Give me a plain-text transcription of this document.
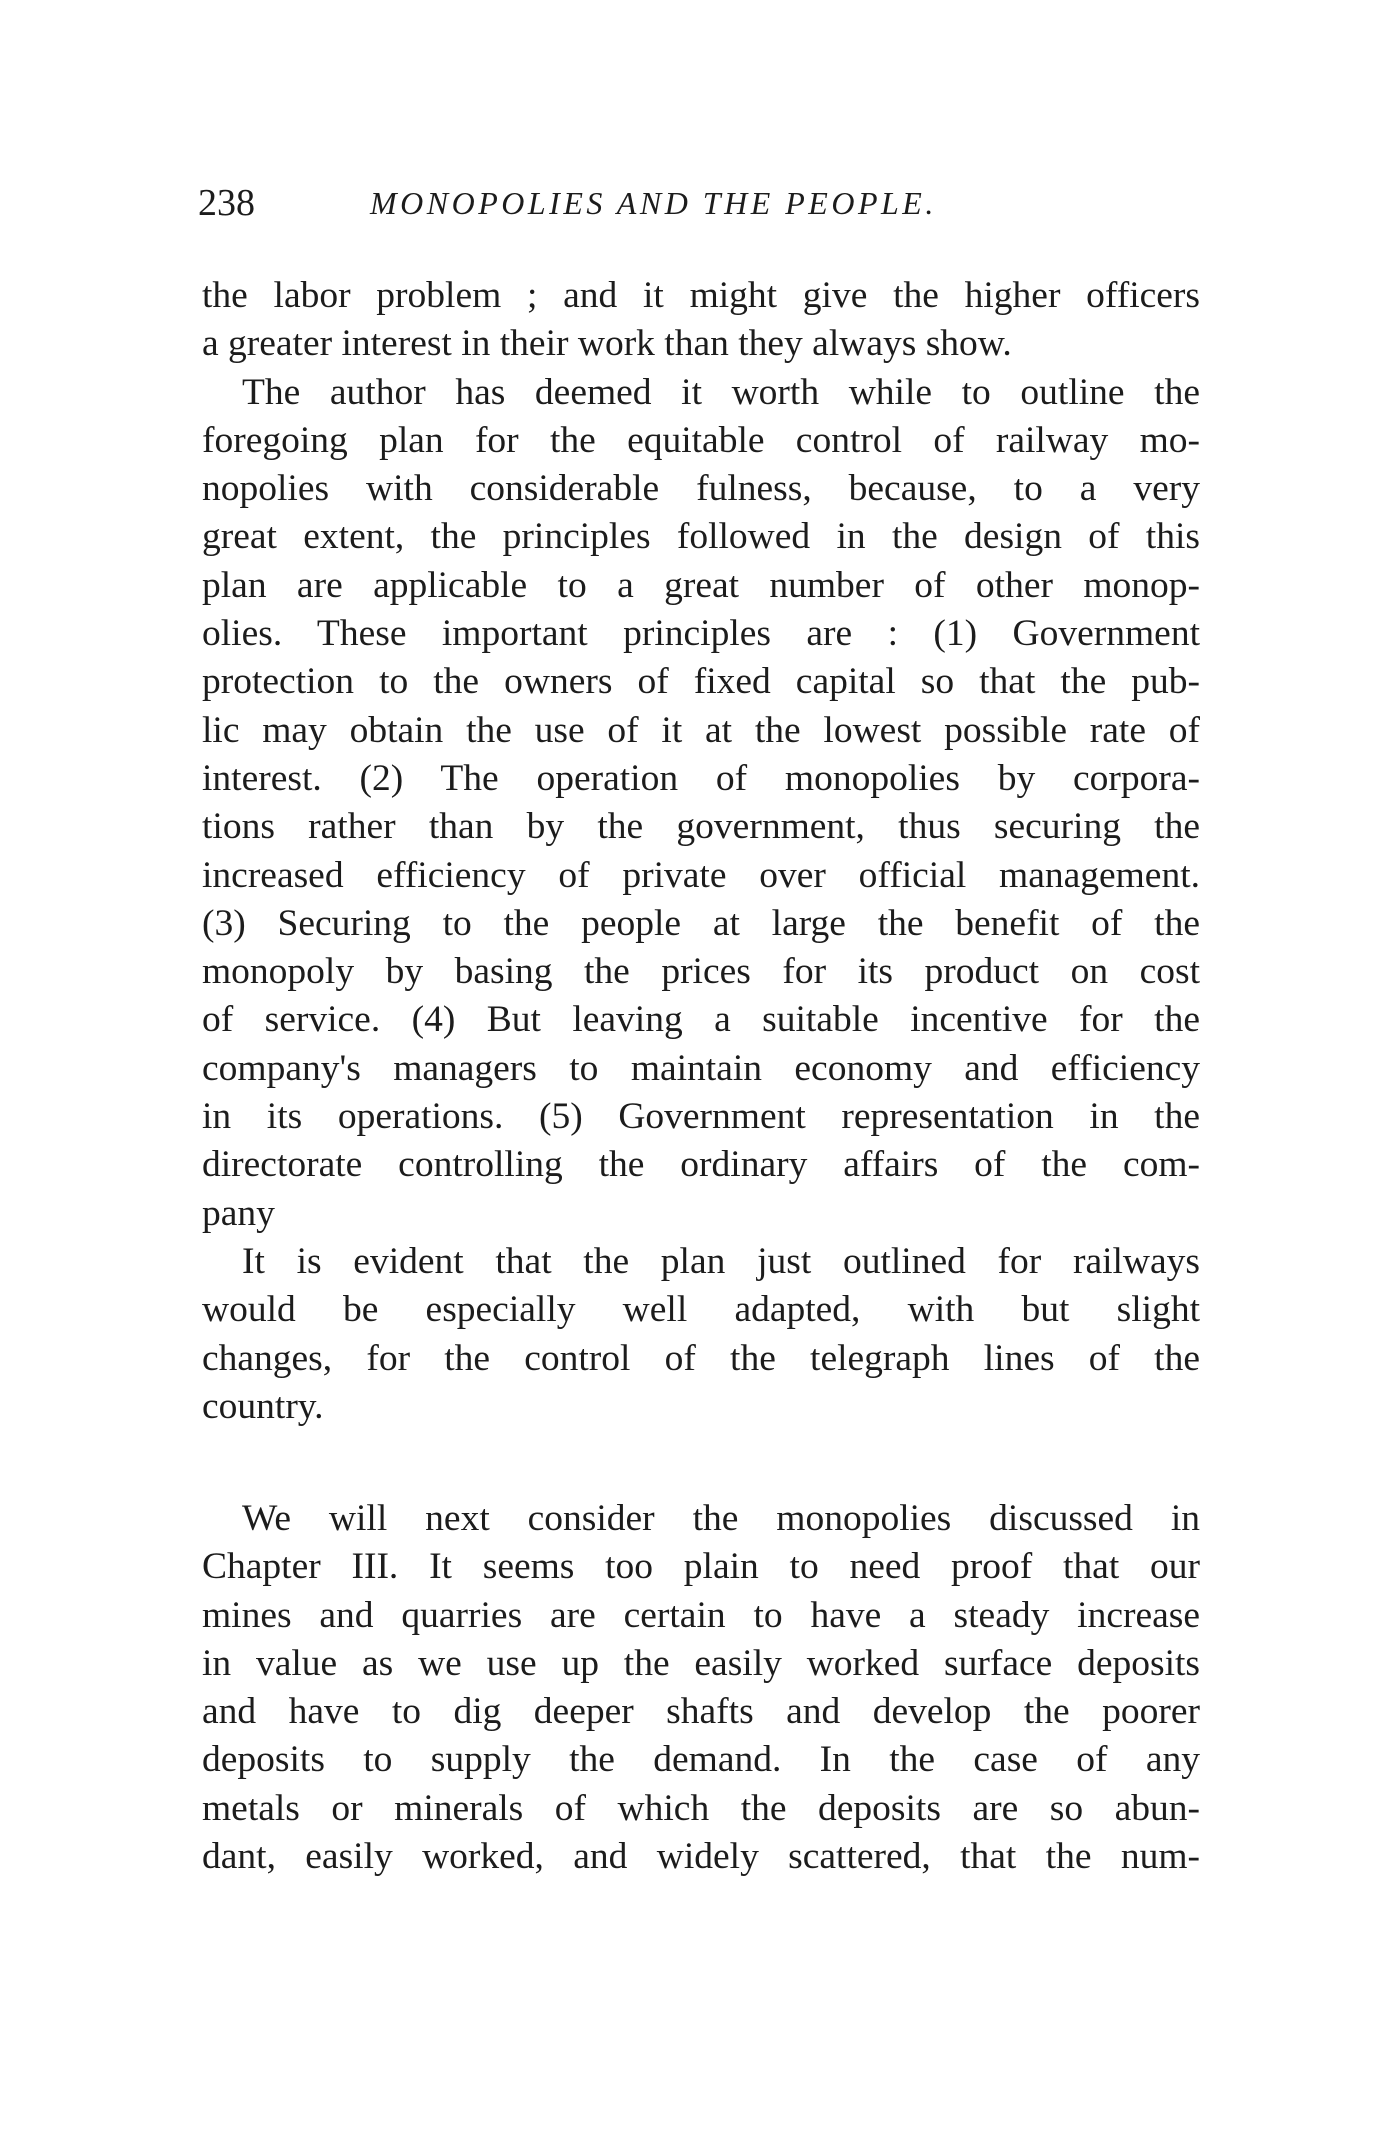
238	MONOPOLIES AND THE PEOPLE.
the labor problem ; and it might give the higher officers
a greater interest in their work than they always show.
The author has deemed it worth while to outline the
foregoing plan for the equitable control of railway mo-
nopolies with considerable fulness, because, to a very
great extent, the principles followed in the design of this
plan are applicable to a great number of other monop-
olies. These important principles are : (1) Government
protection to the owners of fixed capital so that the pub-
lic may obtain the use of it at the lowest possible rate of
interest. (2) The operation of monopolies by corpora-
tions rather than by the government, thus securing the
increased efficiency of private over official management.
(3) Securing to the people at large the benefit of the
monopoly by basing the prices for its product on cost
of service. (4) But leaving a suitable incentive for the
company's managers to maintain economy and efficiency
in its operations. (5) Government representation in the
directorate controlling the ordinary affairs of the com-
pany
It is evident that the plan just outlined for railways
would be especially well adapted, with but slight
changes, for the control of the telegraph lines of the
country.
We will next consider the monopolies discussed in
Chapter III. It seems too plain to need proof that our
mines and quarries are certain to have a steady increase
in value as we use up the easily worked surface deposits
and have to dig deeper shafts and develop the poorer
deposits to supply the demand. In the case of any
metals or minerals of which the deposits are so abun-
dant, easily worked, and widely scattered, that the num-
